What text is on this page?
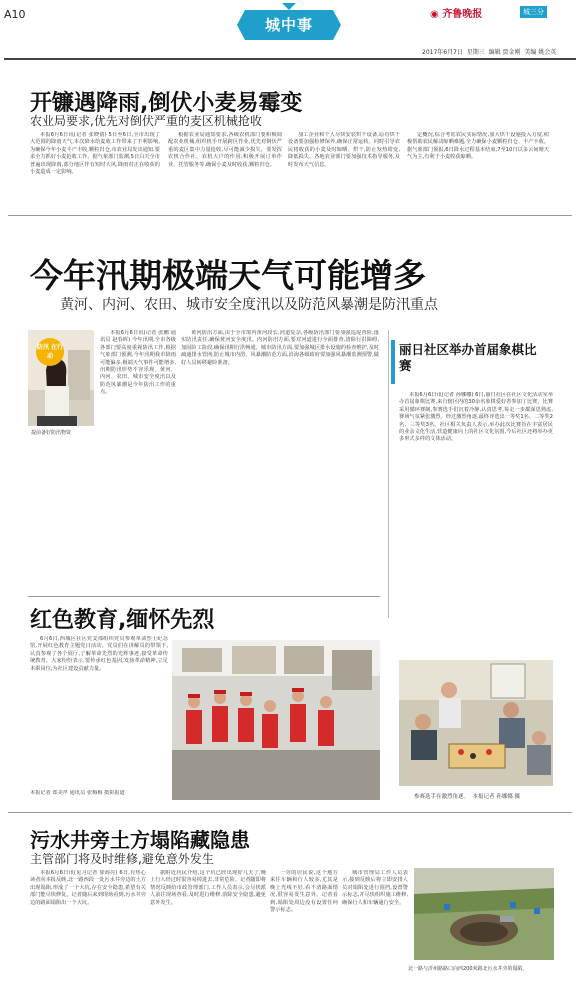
A10
城中事
◉ 齐鲁晚报	城三分
2017年6月7日 星期三 编辑 贾金刚 美编 姚会英
开镰遇降雨,倒伏小麦易霉变
农业局要求,优先对倒伏严重的麦区机械抢收

本报6月6日讯(记者 张晓倩) 5日至6日,全市出现了大范围的降雨天气,本次降水给麦收工作带来了不利影响,为确保今年小麦丰产丰收,颗粒归仓,市农业局发出通知,要求全力抓好小麦抢收工作。据气象部门监测,5日白天全市普遍出现降雨,部分地区伴有短时大风,降雨对正在收获的小麦造成一定影响。

根据农业局通知要求,各级农机部门要积极调配农业机械,组织机手开展跨区作业,优先对倒伏严重的麦区集中力量抢收,尽可能减少损失。要发挥农机合作社、农机大户的作用,积极开展订单作业、托管服务等,确保小麦及时收获,颗粒归仓。

加工企业和个人尽快安装烘干设备,原有烘干设备要加强检修保养,确保正常运转。同时引导农民将收获的小麦及时晾晒、烘干,防止发热霉变,降低损失。各地农业部门要加强技术指导服务,及时发布天气信息。

定概况,综合考虑农民实际情况,加大烘干设施投入力度,积极帮助农民解决晾晒难题,全力确保小麦颗粒归仓、丰产丰收。据气象部门预报,6日降水过程基本结束,7至10日以多云间晴天气为主,有利于小麦收获晾晒。

今年汛期极端天气可能增多
黄河、内河、农田、城市安全度汛以及防范风暴潮是防汛重点
防汛 在行动
提前备好防汛物资

本报6月6日讯(记者 张鹏 通讯员 赵春晖) 今年汛期,全市各级各部门要高度重视防汛工作,根据气象部门预测,今年汛期我市降雨可能偏多,极端天气事件可能增多,汛期防汛形势不容乐观。黄河、内河、农田、城市安全度汛以及防范风暴潮是今年防汛工作的重点。

黄河防汛方面,由于全市境内黄河段长,河道复杂,各级防汛部门要加强巡堤查险,落实防汛责任,确保黄河安全度汛。内河防汛方面,要对河道进行全面排查,清除行洪障碍,加固险工险段,确保汛期行洪畅通。城市防汛方面,要加强城区排水设施的检查维护,及时疏通排水管网,防止城市内涝。风暴潮防范方面,沿海各级政府要加强风暴潮监测预警,做好人员转移避险准备。

丽日社区举办首届象棋比赛

本报6月6日讯(记者 孙娜娜) 6日,丽日社区在社区文化活动室举办首届象棋比赛,来自辖区内的30余名象棋爱好者参加了比赛。比赛采用循环赛制,参赛选手们沉着冷静,认真思考,每走一步都深思熟虑,赛场气氛紧张激烈。经过激烈角逐,最终评选出一等奖1名、二等奖2名、三等奖3名。社区相关负责人表示,举办此次比赛旨在丰富居民的业余文化生活,营造健康向上的社区文化氛围,今后社区还将举办更多形式多样的文体活动。

参赛选手在激烈角逐。 本报记者 孙娜娜 摄
红色教育,缅怀先烈

6月6日,西城区社区党支部组织党员参观革命烈士纪念馆,开展红色教育主题党日活动。党员们在讲解员的带领下,认真参观了各个展厅,了解革命先烈的光辉事迹,接受革命传统教育。大家纷纷表示,要传承红色基因,发扬革命精神,立足本职岗位,为社区建设贡献力量。

本报记者 郑美芹 通讯员 张梅梅 摄影报道
污水井旁土方塌陷藏隐患
主管部门将及时维修,避免意外发生

本报6月6日讯(见习记者 徐海亮) 6日,有热心读者向本报反映,北一路西段一处污水井旁边的土方出现塌陷,形成了一个大坑,存在安全隐患,希望有关部门能尽快修复。记者随后来到现场看到,污水井旁边的路面塌陷出一个大坑。

据附近居民介绍,这个坑已经出现好几天了,晚上行人经过时很容易掉进去,非常危险。记者随即将情况反映给市政管理部门,工作人员表示,会尽快派人前往现场查看,及时进行维修,消除安全隐患,避免意外发生。

一旁的居民说,这个地方来往车辆和行人较多,尤其是晚上光线不好,看不清路面情况,很容易发生意外。记者看到,塌陷处周边没有设置任何警示标志。

城市管理局工作人员表示,接到反映后将立即安排人员对塌陷处进行围挡,设置警示标志,并尽快组织施工维修,确保行人和车辆通行安全。

北一路与沂州路路口向西200米路北污水井旁的塌陷。
